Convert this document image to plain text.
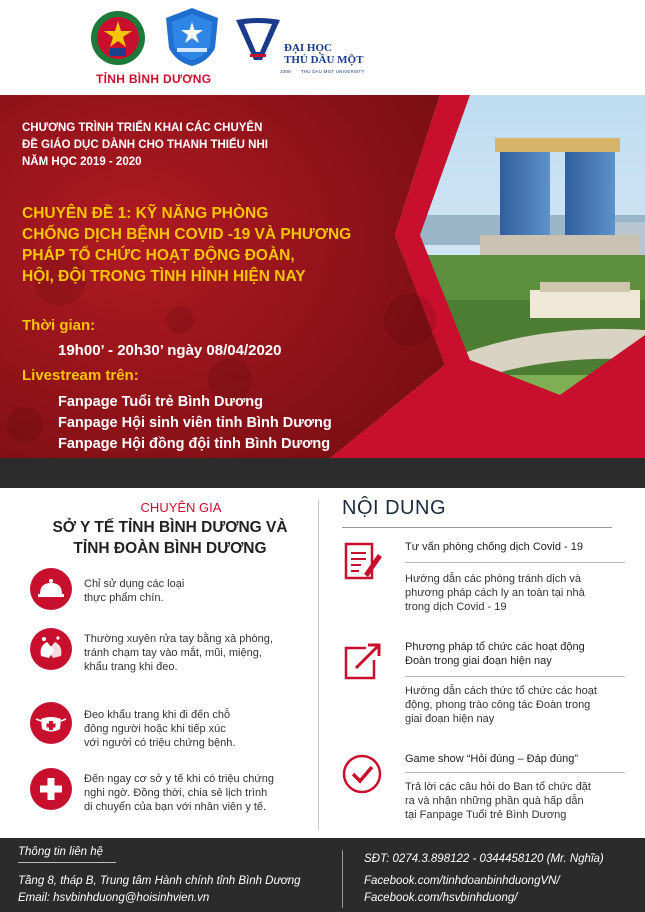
TỈNH BÌNH DƯƠNG
ĐẠI HỌC
THỦ DẦU MỘT
2009 THU DAU MOT UNIVERSITY
CHƯƠNG TRÌNH TRIỂN KHAI CÁC CHUYÊN
ĐỀ GIÁO DỤC DÀNH CHO THANH THIẾU NHI
NĂM HỌC 2019 - 2020
CHUYÊN ĐỀ 1: KỸ NĂNG PHÒNG
CHỐNG DỊCH BỆNH COVID -19 VÀ PHƯƠNG
PHÁP TỔ CHỨC HOẠT ĐỘNG ĐOÀN,
HỘI, ĐỘI TRONG TÌNH HÌNH HIỆN NAY
Thời gian:
19h00’ - 20h30’ ngày 08/04/2020
Livestream trên:
Fanpage Tuổi trẻ Bình Dương
Fanpage Hội sinh viên tỉnh Bình Dương
Fanpage Hội đồng đội tỉnh Bình Dương
CHUYÊN GIA
SỞ Y TẾ TỈNH BÌNH DƯƠNG VÀ
TỈNH ĐOÀN BÌNH DƯƠNG
Chỉ sử dụng các loại
thực phẩm chín.
Thường xuyên rửa tay bằng xà phòng,
tránh chạm tay vào mắt, mũi, miệng,
khẩu trang khi đeo.
Đeo khẩu trang khi đi đến chỗ
đông người hoặc khi tiếp xúc
với người có triệu chứng bệnh.
Đến ngay cơ sở y tế khi có triệu chứng
nghi ngờ. Đồng thời, chia sẻ lịch trình
di chuyển của bạn với nhân viên y tế.
NỘI DUNG
Tư vấn phòng chống dịch Covid - 19
Hướng dẫn các phòng tránh dịch và
phương pháp cách ly an toàn tại nhà
trong dịch Covid - 19
Phương pháp tổ chức các hoạt động
Đoàn trong giai đoạn hiện nay
Hướng dẫn cách thức tổ chức các hoạt
động, phong trào công tác Đoàn trong
giai đoạn hiện nay
Game show “Hỏi đúng – Đáp đúng”
Trả lời các câu hỏi do Ban tổ chức đặt
ra và nhận những phần quà hấp dẫn
tại Fanpage Tuổi trẻ Bình Dương
Thông tin liên hệ
SĐT: 0274.3.898122 - 0344458120 (Mr. Nghĩa)
Tầng 8, tháp B, Trung tâm Hành chính tỉnh Bình Dương
Email: hsvbinhduong@hoisinhvien.vn
Facebook.com/tinhdoanbinhduongVN/
Facebook.com/hsvbinhduong/
